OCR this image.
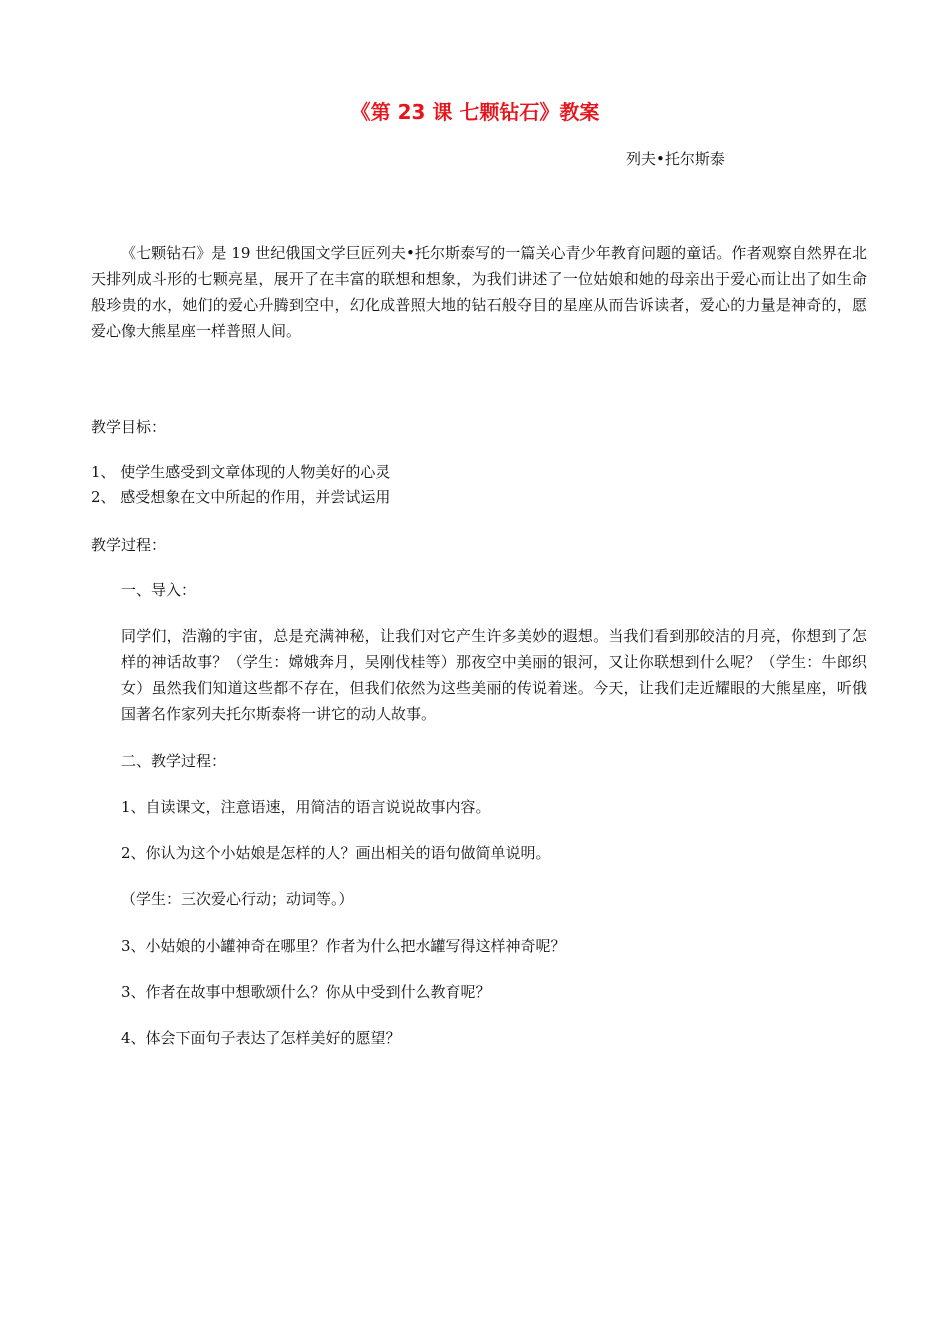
《第 23 课 七颗钻石》教案
列夫•托尔斯泰
《七颗钻石》是 19 世纪俄国文学巨匠列夫•托尔斯泰写的一篇关心青少年教育问题的童话。作者观察自然界在北天排列成斗形的七颗亮星，展开了在丰富的联想和想象，为我们讲述了一位姑娘和她的母亲出于爱心而让出了如生命般珍贵的水，她们的爱心升腾到空中，幻化成普照大地的钻石般夺目的星座从而告诉读者，爱心的力量是神奇的，愿爱心像大熊星座一样普照人间。
教学目标：
1、 使学生感受到文章体现的人物美好的心灵
2、 感受想象在文中所起的作用，并尝试运用
教学过程：
一、导入：
同学们，浩瀚的宇宙，总是充满神秘，让我们对它产生许多美妙的遐想。当我们看到那皎洁的月亮，你想到了怎样的神话故事？（学生：嫦娥奔月，吴刚伐桂等）那夜空中美丽的银河，又让你联想到什么呢？（学生：牛郎织女）虽然我们知道这些都不存在，但我们依然为这些美丽的传说着迷。今天，让我们走近耀眼的大熊星座，听俄国著名作家列夫托尔斯泰将一讲它的动人故事。
二、教学过程：
1、自读课文，注意语速，用简洁的语言说说故事内容。
2、你认为这个小姑娘是怎样的人？画出相关的语句做简单说明。
（学生：三次爱心行动；动词等。）
3、小姑娘的小罐神奇在哪里？作者为什么把水罐写得这样神奇呢？
3、作者在故事中想歌颂什么？你从中受到什么教育呢？
4、体会下面句子表达了怎样美好的愿望？
